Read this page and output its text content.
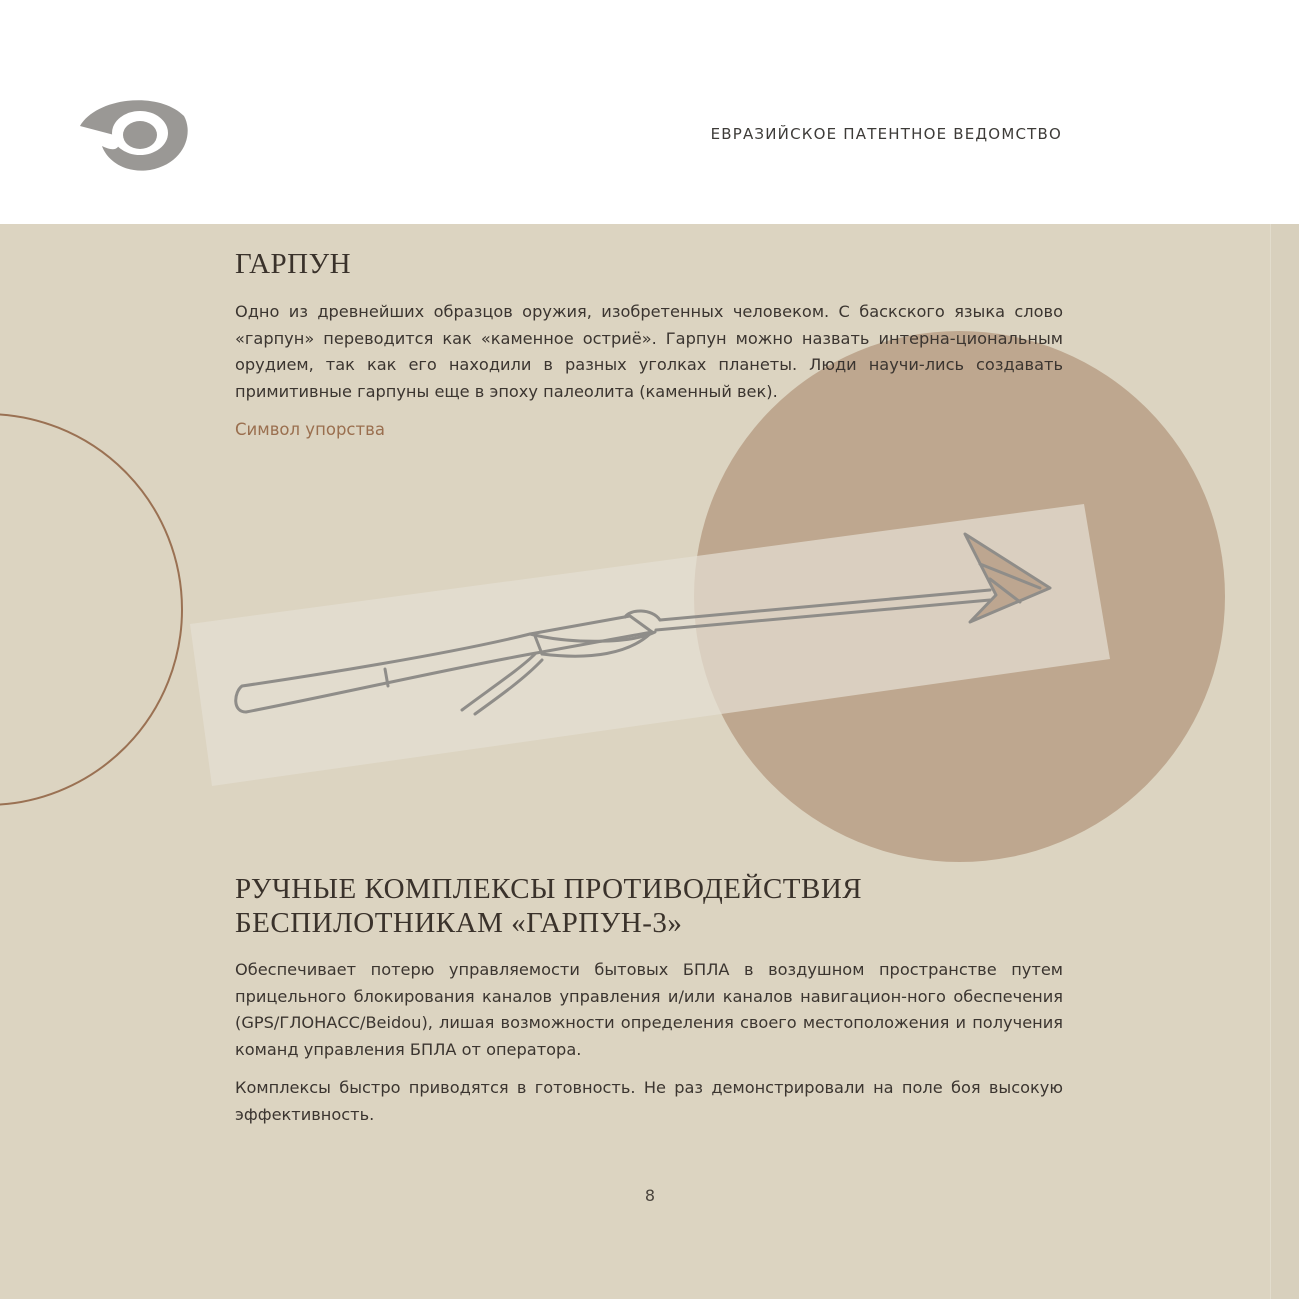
ЕВРАЗИЙСКОЕ ПАТЕНТНОЕ ВЕДОМСТВО
ГАРПУН

Одно из древнейших образцов оружия, изобретенных человеком. С баскского языка слово «гарпун» переводится как «каменное остриё». Гарпун можно назвать интерна-циональным орудием, так как его находили в разных уголках планеты. Люди научи-лись создавать примитивные гарпуны еще в эпоху палеолита (каменный век).

Символ упорства
РУЧНЫЕ КОМПЛЕКСЫ ПРОТИВОДЕЙСТВИЯ
БЕСПИЛОТНИКАМ «ГАРПУН-3»

Обеспечивает потерю управляемости бытовых БПЛА в воздушном пространстве путем прицельного блокирования каналов управления и/или каналов навигацион-ного обеспечения (GPS/ГЛОНАСС/Beidou), лишая возможности определения своего местоположения и получения команд управления БПЛА от оператора.

Комплексы быстро приводятся в готовность. Не раз демонстрировали на поле боя высокую эффективность.

8
